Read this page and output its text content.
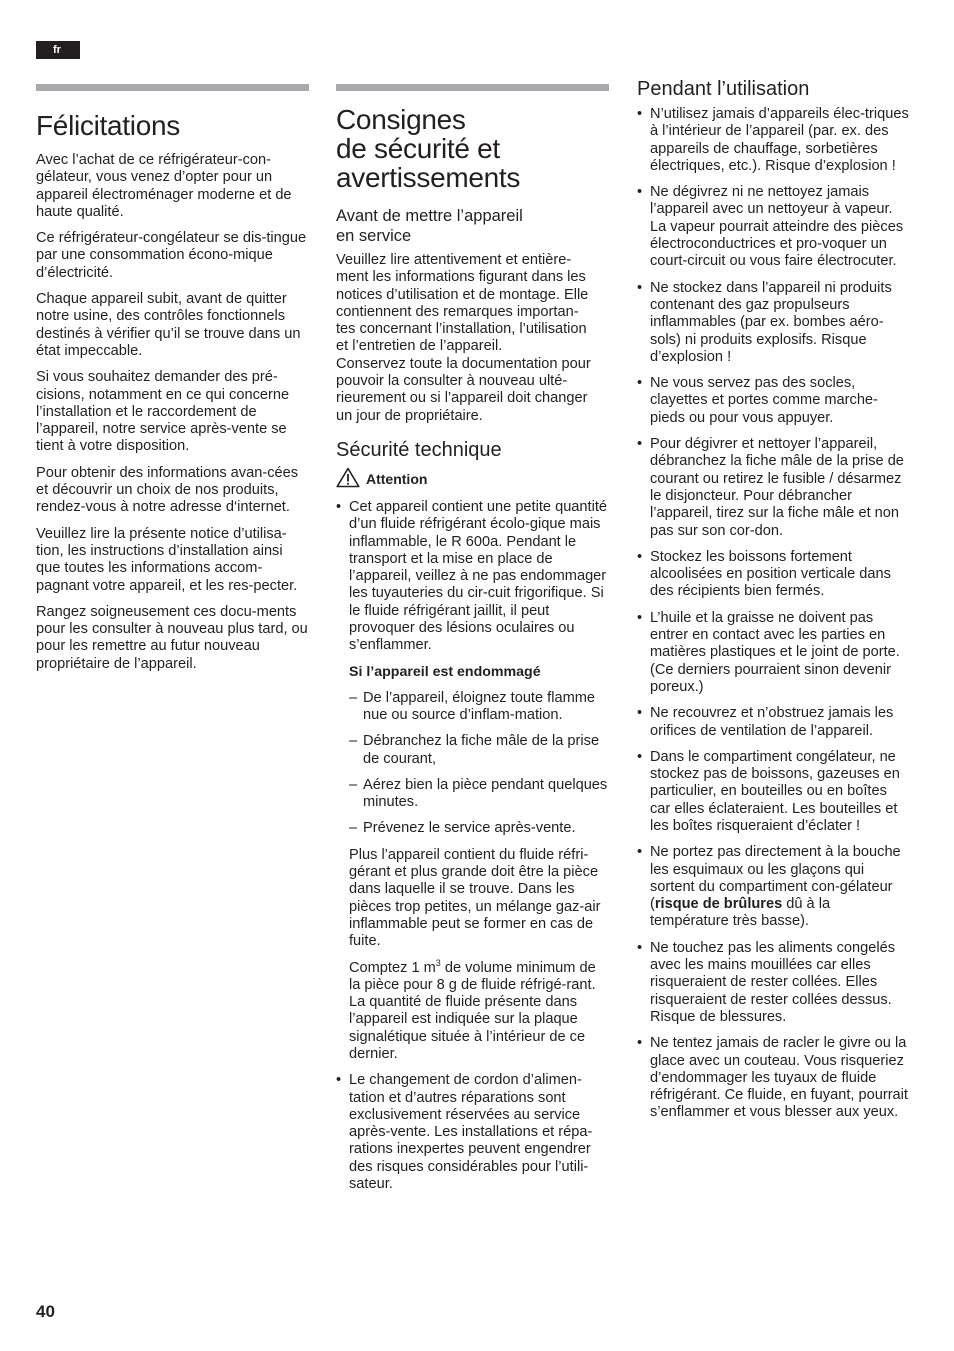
fr
Félicitations

Avec l’achat de ce réfrigérateur-con-gélateur, vous venez d’opter pour un appareil électroménager moderne et de haute qualité.

Ce réfrigérateur-congélateur se dis-tingue par une consommation écono-mique d’électricité.

Chaque appareil subit, avant de quitter notre usine, des contrôles fonctionnels destinés à vérifier qu’il se trouve dans un état impeccable.

Si vous souhaitez demander des pré-cisions, notamment en ce qui concerne l’installation et le raccordement de l’appareil, notre service après-vente se tient à votre disposition.

Pour obtenir des informations avan-cées et découvrir un choix de nos produits, rendez-vous à notre adresse d‘internet.

Veuillez lire la présente notice d’utilisa-tion, les instructions d’installation ainsi que toutes les informations accom-pagnant votre appareil, et les res-pecter.

Rangez soigneusement ces docu-ments pour les consulter à nouveau plus tard, ou pour les remettre au futur nouveau propriétaire de l’appareil.

Consignes
de sécurité et
avertissements
Avant de mettre l’appareil
en service

Veuillez lire attentivement et entière-
ment les informations figurant dans les
notices d’utilisation et de montage. Elle
contiennent des remarques importan-
tes concernant l’installation, l’utilisation
et l’entretien de l’appareil.
Conservez toute la documentation pour
pouvoir la consulter à nouveau ulté-
rieurement ou si l’appareil doit changer
un jour de propriétaire.

Sécurité technique
Attention
• Cet appareil contient une petite quantité d’un fluide réfrigérant écolo-gique mais inflammable, le R 600a. Pendant le transport et la mise en place de l’appareil, veillez à ne pas endommager les tuyauteries du cir-cuit frigorifique. Si le fluide réfrigérant jaillit, il peut provoquer des lésions oculaires ou s’enflammer.
Si l’appareil est endommagé
– De l’appareil, éloignez toute flamme nue ou source d’inflam-mation.
– Débranchez la fiche mâle de la prise de courant,
– Aérez bien la pièce pendant quelques minutes.
– Prévenez le service après-vente.

Plus l’appareil contient du fluide réfri-gérant et plus grande doit être la pièce dans laquelle il se trouve. Dans les pièces trop petites, un mélange gaz-air inflammable peut se former en cas de fuite.

Comptez 1 $m^3$ de volume minimum de la pièce pour 8 g de fluide réfrigé-rant. La quantité de fluide présente dans l’appareil est indiquée sur la plaque signalétique située à l’intérieur de ce dernier.

• Le changement de cordon d’alimen-tation et d’autres réparations sont exclusivement réservées au service après-vente. Les installations et répa-rations inexpertes peuvent engendrer des risques considérables pour l’utili-sateur.
Pendant l’utilisation
• N’utilisez jamais d’appareils élec-triques à l’intérieur de l’appareil (par. ex. des appareils de chauffage, sorbetières électriques, etc.). Risque d’explosion !
• Ne dégivrez ni ne nettoyez jamais l’appareil avec un nettoyeur à vapeur. La vapeur pourrait atteindre des pièces électroconductrices et pro-voquer un court-circuit ou vous faire électrocuter.
• Ne stockez dans l’appareil ni produits contenant des gaz propulseurs inflammables (par ex. bombes aéro-sols) ni produits explosifs. Risque d’explosion !
• Ne vous servez pas des socles, clayettes et portes comme marche-pieds ou pour vous appuyer.
• Pour dégivrer et nettoyer l’appareil, débranchez la fiche mâle de la prise de courant ou retirez le fusible / désarmez le disjoncteur. Pour débrancher l’appareil, tirez sur la fiche mâle et non pas sur son cor-don.
• Stockez les boissons fortement alcoolisées en position verticale dans des récipients bien fermés.
• L’huile et la graisse ne doivent pas entrer en contact avec les parties en matières plastiques et le joint de porte. (Ce derniers pourraient sinon devenir poreux.)
• Ne recouvrez et n’obstruez jamais les orifices de ventilation de l’appareil.
• Dans le compartiment congélateur, ne stockez pas de boissons, gazeuses en particulier, en bouteilles ou en boîtes car elles éclateraient. Les bouteilles et les boîtes risqueraient d’éclater !
• Ne portez pas directement à la bouche les esquimaux ou les glaçons qui sortent du compartiment con-gélateur (risque de brûlures dû à la température très basse).
• Ne touchez pas les aliments congelés avec les mains mouillées car elles risqueraient de rester collées. Elles risqueraient de rester collées dessus. Risque de blessures.
• Ne tentez jamais de racler le givre ou la glace avec un couteau. Vous risqueriez d’endommager les tuyaux de fluide réfrigérant. Ce fluide, en fuyant, pourrait s’enflammer et vous blesser aux yeux.
40
